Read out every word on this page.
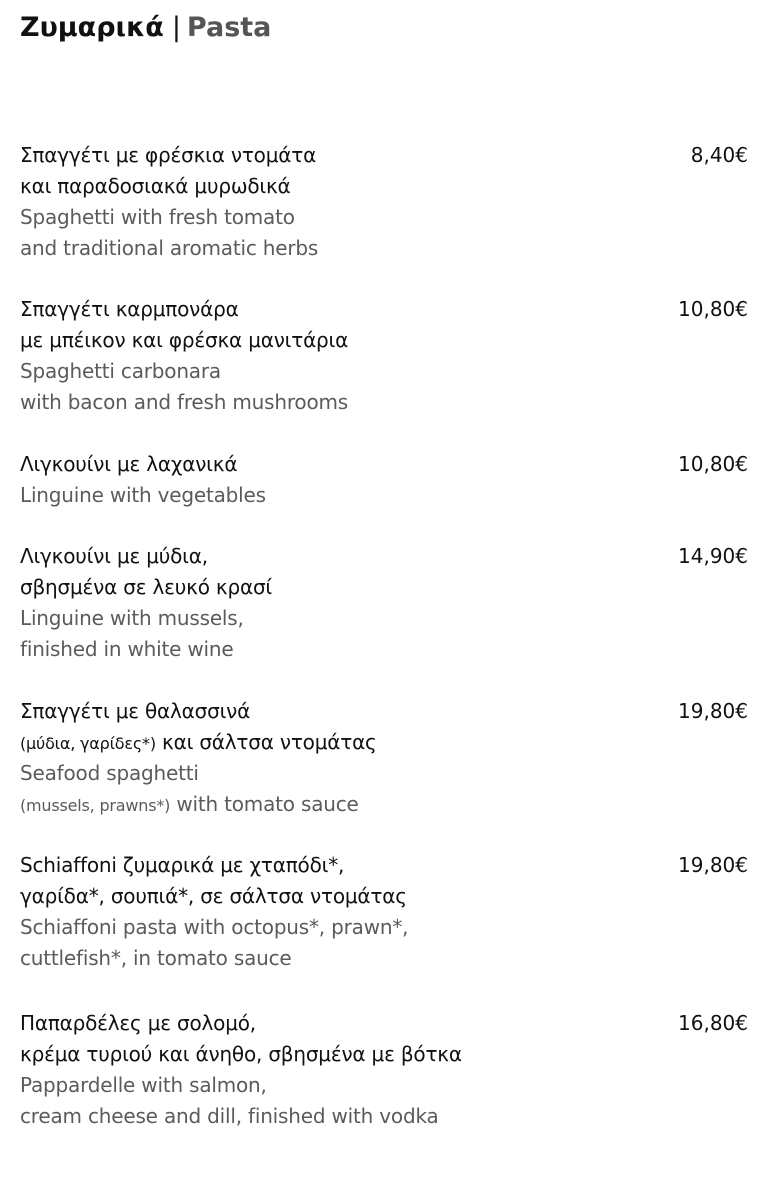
Ζυμαρικά | Pasta
Σπαγγέτι με φρέσκια ντομάτα
και παραδοσιακά μυρωδικά
Spaghetti with fresh tomato
and traditional aromatic herbs
8,40€
Σπαγγέτι καρμπονάρα
με μπέικον και φρέσκα μανιτάρια
Spaghetti carbonara
with bacon and fresh mushrooms
10,80€
Λιγκουίνι με λαχανικά
Linguine with vegetables
10,80€
Λιγκουίνι με μύδια,
σβησμένα σε λευκό κρασί
Linguine with mussels,
finished in white wine
14,90€
Σπαγγέτι με θαλασσινά
(μύδια, γαρίδες*) και σάλτσα ντομάτας
Seafood spaghetti
(mussels, prawns*) with tomato sauce
19,80€
Schiaffoni ζυμαρικά με χταπόδι*,
γαρίδα*, σουπιά*, σε σάλτσα ντομάτας
Schiaffoni pasta with octopus*, prawn*,
cuttlefish*, in tomato sauce
19,80€
Παπαρδέλες με σολομό,
κρέμα τυριού και άνηθο, σβησμένα με βότκα
Pappardelle with salmon,
cream cheese and dill, finished with vodka
16,80€
